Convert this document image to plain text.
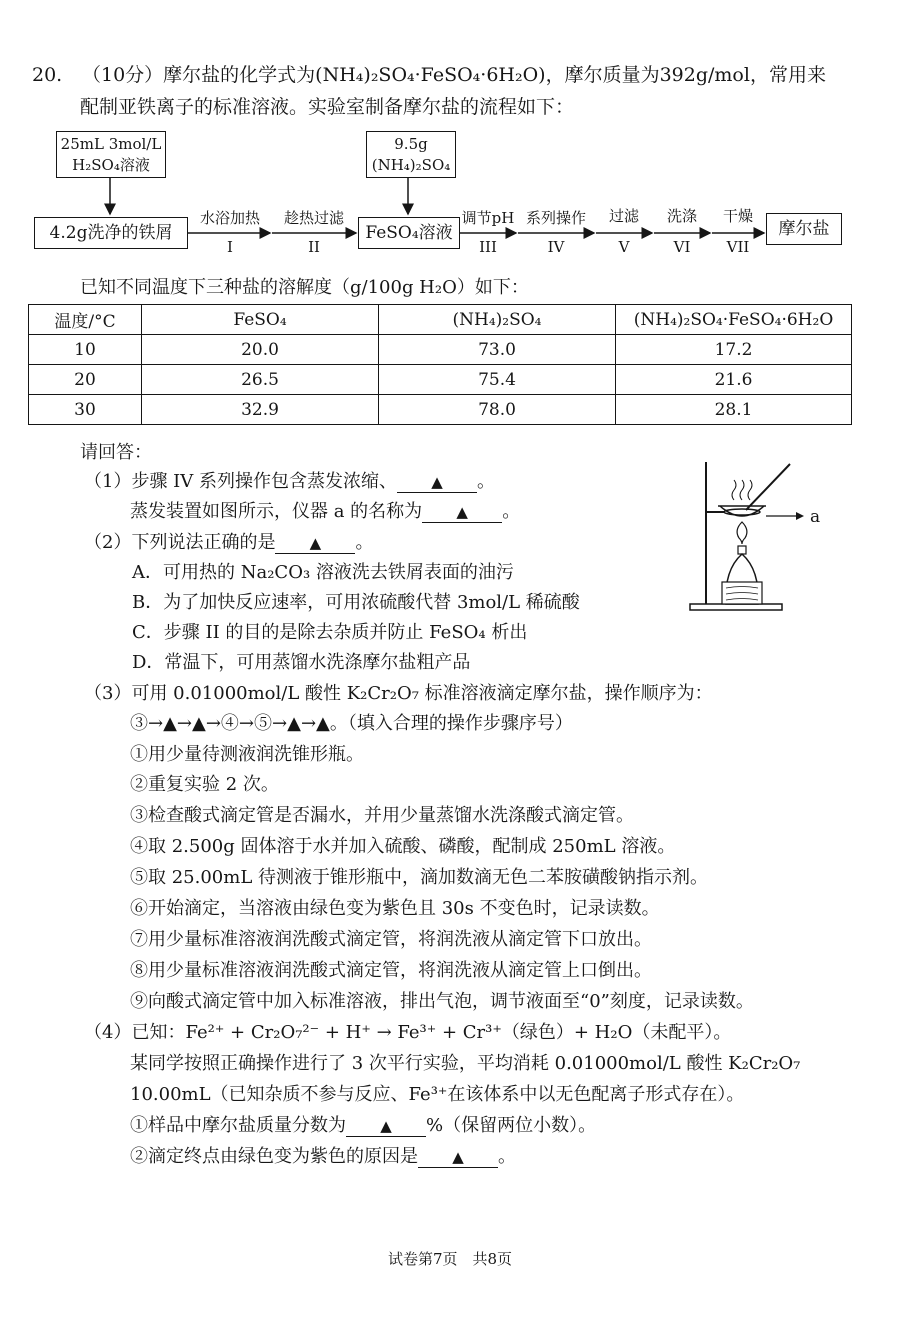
20. （10分）摩尔盐的化学式为(NH₄)₂SO₄·FeSO₄·6H₂O)，摩尔质量为392g/mol，常用来
配制亚铁离子的标准溶液。实验室制备摩尔盐的流程如下：
25mL 3mol/L
H₂SO₄溶液
9.5g
(NH₄)₂SO₄
4.2g洗净的铁屑	FeSO₄溶液	摩尔盐
水浴加热
I
趁热过滤
II
调节pH
III
系列操作
IV
过滤
V
洗涤
VI
干燥
VII
已知不同温度下三种盐的溶解度（g/100g H₂O）如下：
温度/°C	FeSO₄	(NH₄)₂SO₄	(NH₄)₂SO₄·FeSO₄·6H₂O
10	20.0	73.0	17.2
20	26.5	75.4	21.6
30	32.9	78.0	28.1
请回答：
（1）步骤 IV 系列操作包含蒸发浓缩、 ▲ 。
蒸发装置如图所示，仪器 a 的名称为 ▲ 。	a
（2）下列说法正确的是 ▲ 。
A．可用热的 Na₂CO₃ 溶液洗去铁屑表面的油污
B．为了加快反应速率，可用浓硫酸代替 3mol/L 稀硫酸
C．步骤 II 的目的是除去杂质并防止 FeSO₄ 析出
D．常温下，可用蒸馏水洗涤摩尔盐粗产品
（3）可用 0.01000mol/L 酸性 K₂Cr₂O₇ 标准溶液滴定摩尔盐，操作顺序为：
③→▲→▲→④→⑤→▲→▲。（填入合理的操作步骤序号）
①用少量待测液润洗锥形瓶。
②重复实验 2 次。
③检查酸式滴定管是否漏水，并用少量蒸馏水洗涤酸式滴定管。
④取 2.500g 固体溶于水并加入硫酸、磷酸，配制成 250mL 溶液。
⑤取 25.00mL 待测液于锥形瓶中，滴加数滴无色二苯胺磺酸钠指示剂。
⑥开始滴定，当溶液由绿色变为紫色且 30s 不变色时，记录读数。
⑦用少量标准溶液润洗酸式滴定管，将润洗液从滴定管下口放出。
⑧用少量标准溶液润洗酸式滴定管，将润洗液从滴定管上口倒出。
⑨向酸式滴定管中加入标准溶液，排出气泡，调节液面至“0”刻度，记录读数。
（4）已知：Fe²⁺ + Cr₂O₇²⁻ + H⁺ → Fe³⁺ + Cr³⁺（绿色）+ H₂O（未配平）。
某同学按照正确操作进行了 3 次平行实验，平均消耗 0.01000mol/L 酸性 K₂Cr₂O₇
10.00mL（已知杂质不参与反应、Fe³⁺在该体系中以无色配离子形式存在）。
①样品中摩尔盐质量分数为 ▲ %（保留两位小数）。
②滴定终点由绿色变为紫色的原因是 ▲ 。
试卷第7页　共8页
